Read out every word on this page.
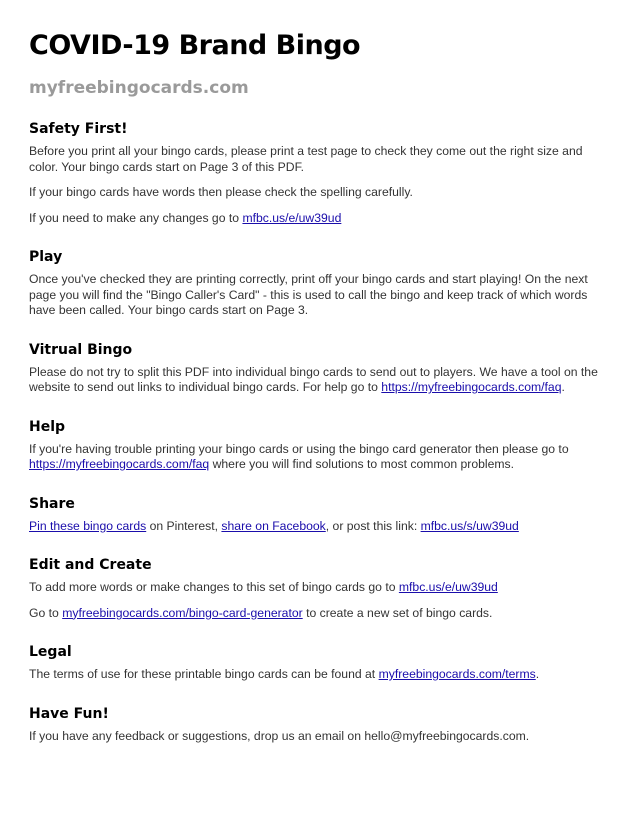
COVID-19 Brand Bingo
myfreebingocards.com
Safety First!

Before you print all your bingo cards, please print a test page to check they come out the right size and color. Your bingo cards start on Page 3 of this PDF.

If your bingo cards have words then please check the spelling carefully.

If you need to make any changes go to mfbc.us/e/uw39ud

Play

Once you've checked they are printing correctly, print off your bingo cards and start playing! On the next page you will find the "Bingo Caller's Card" - this is used to call the bingo and keep track of which words have been called. Your bingo cards start on Page 3.

Vitrual Bingo

Please do not try to split this PDF into individual bingo cards to send out to players. We have a tool on the website to send out links to individual bingo cards. For help go to https://myfreebingocards.com/faq.

Help

If you're having trouble printing your bingo cards or using the bingo card generator then please go to https://myfreebingocards.com/faq where you will find solutions to most common problems.

Share

Pin these bingo cards on Pinterest, share on Facebook, or post this link: mfbc.us/s/uw39ud

Edit and Create

To add more words or make changes to this set of bingo cards go to mfbc.us/e/uw39ud

Go to myfreebingocards.com/bingo-card-generator to create a new set of bingo cards.

Legal

The terms of use for these printable bingo cards can be found at myfreebingocards.com/terms.

Have Fun!

If you have any feedback or suggestions, drop us an email on hello@myfreebingocards.com.
